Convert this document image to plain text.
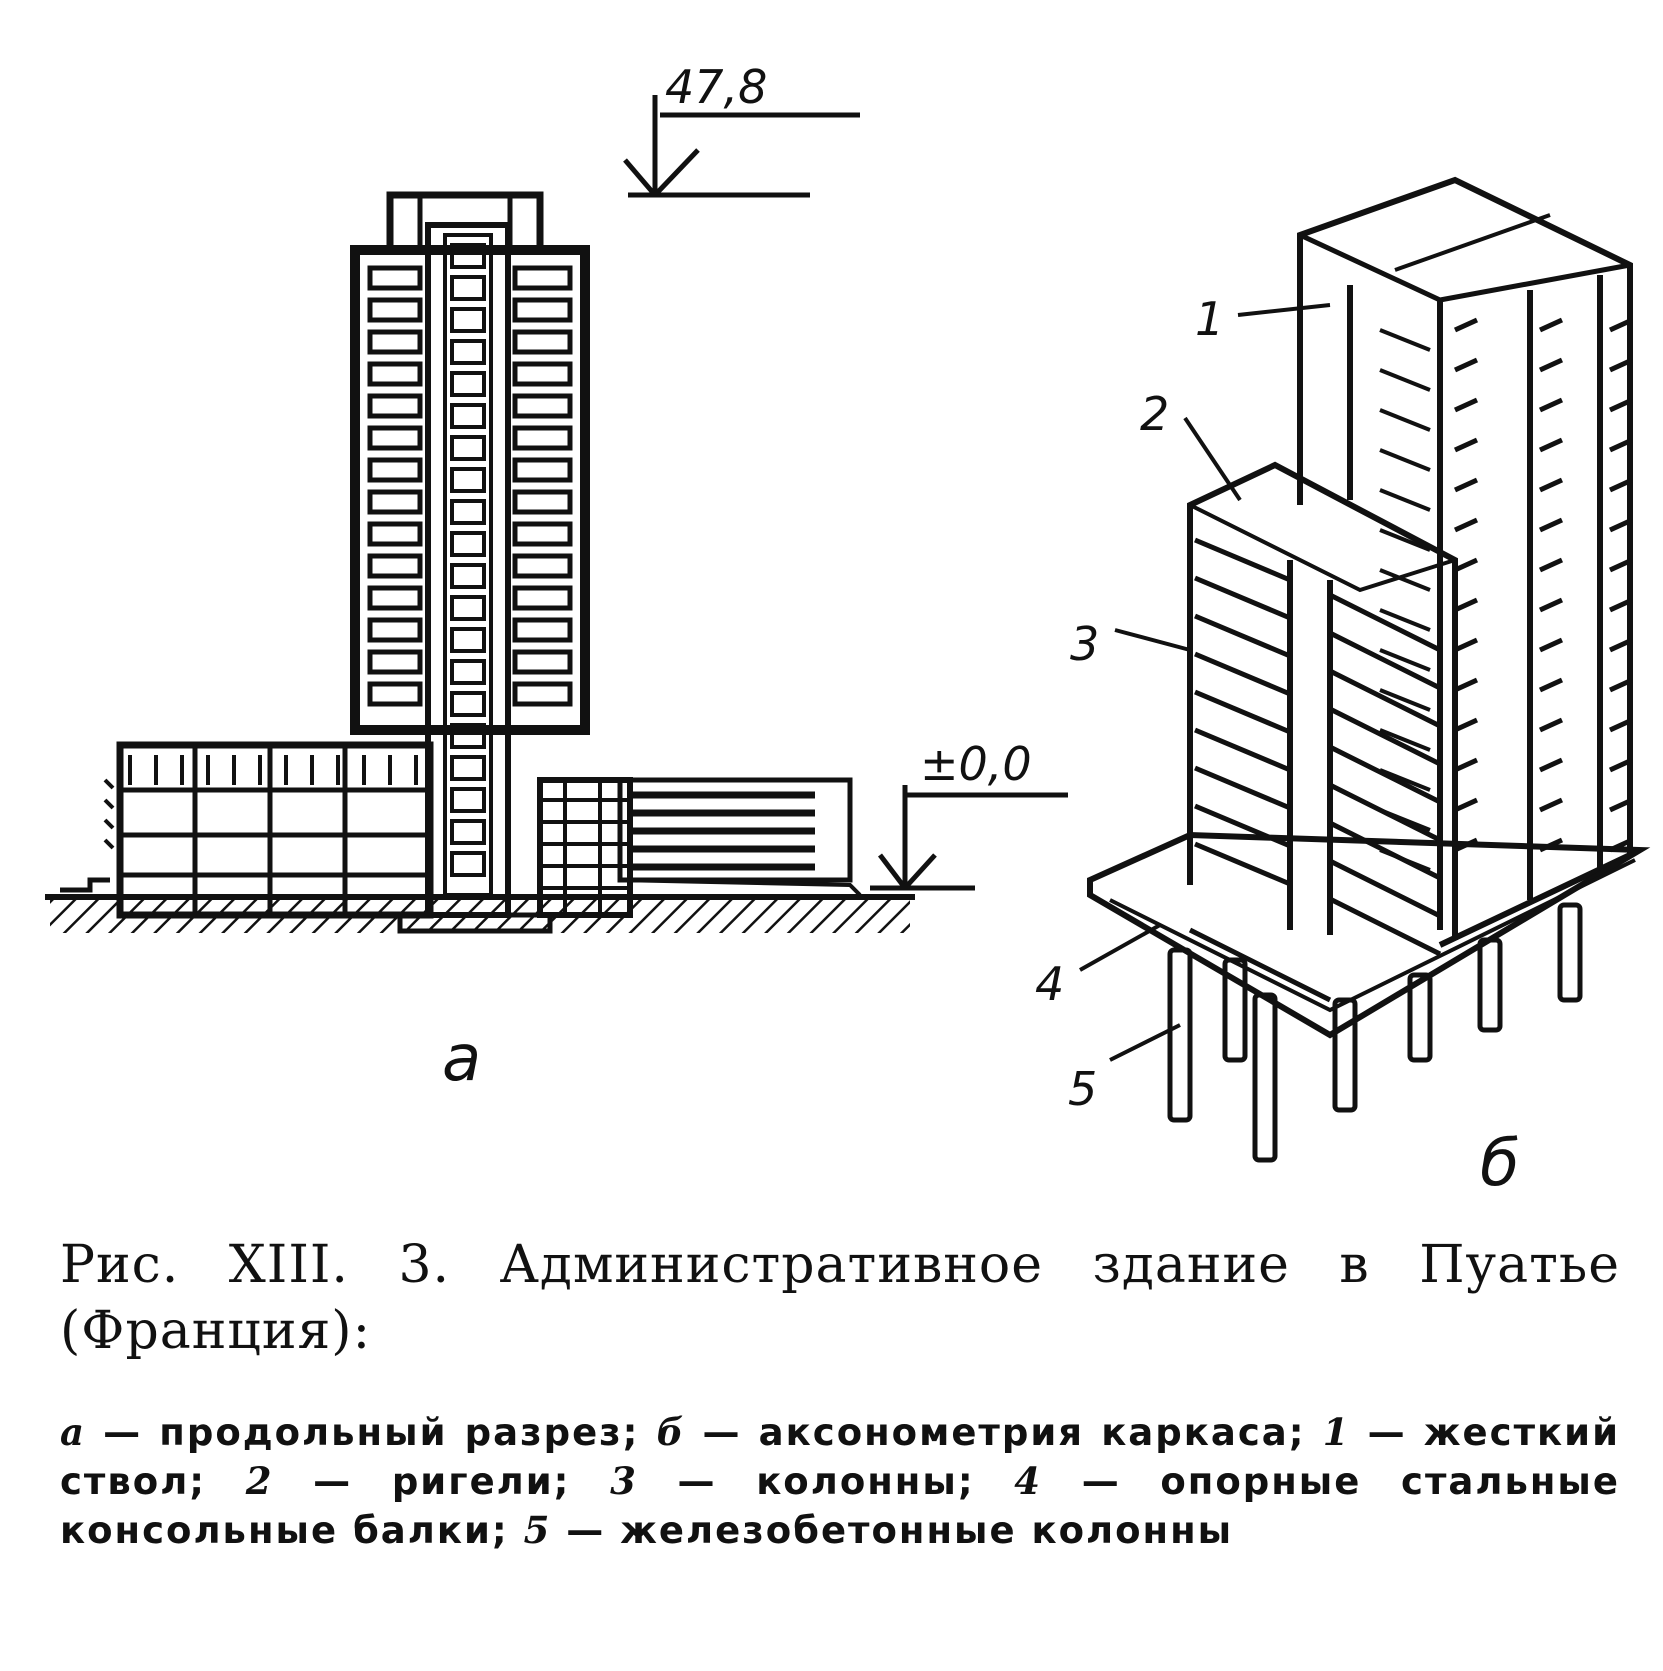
47,8
±0,0
а
1
2
3
4
5
б
Рис. XIII. 3. Административное здание в Пуатье (Франция):
а — продольный разрез; б — аксонометрия каркаса; 1 — жесткий ствол; 2 — ригели; 3 — колонны; 4 — опорные стальные консольные балки; 5 — железобетонные колонны
